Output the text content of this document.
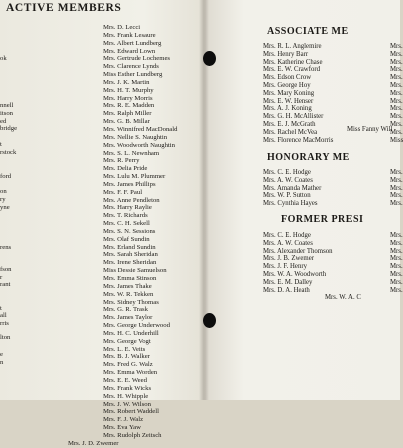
ACTIVE MEMBERS
ok
nnell
itson
ed
bridge
t
rstock
ford
on
ry
yne
rens
fson
r
rant
t
all
rris
lton
e
n
Mrs. D. Lecci
Mrs. Frank Lesaure
Mrs. Albert Lundberg
Mrs. Edward Lown
Mrs. Gertrude Lochemes
Mrs. Clarence Lynds
Miss Esther Lundberg
Mrs. J. K. Martin
Mrs. H. T. Murphy
Mrs. Harry Morris
Mrs. R. E. Madden
Mrs. Ralph Miller
Mrs. G. B. Millar
Mrs. Winnifred MacDonald
Mrs. Nellie S. Naughtin
Mrs. Woodworth Naughtin
Mrs. S. L. Newnham
Mrs. R. Perry
Mrs. Delia Pride
Mrs. Lulu M. Plummer
Mrs. James Phillips
Mrs. F. F. Paul
Mrs. Anne Pendleton
Mrs. Harry Raylie
Mrs. T. Richards
Mrs. C. H. Sekell
Mrs. S. N. Sessions
Mrs. Olaf Sundin
Mrs. Erland Sundin
Mrs. Sarah Sheridan
Mrs. Irene Sheridan
Miss Dessie Samuelson
Mrs. Emma Stinson
Mrs. James Thake
Mrs. W. R. Tekken
Mrs. Sidney Thomas
Mrs. G. R. Trask
Mrs. James Taylor
Mrs. George Underwood
Mrs. H. C. Underhill
Mrs. George Vogt
Mrs. L. E. Veits
Mrs. B. J. Walker
Mrs. Fred G. Walz
Mrs. Emma Worden
Mrs. E. E. Weed
Mrs. Frank Wicks
Mrs. H. Whipple
Mrs. J. W. Wilson
Mrs. Robert Waddell
Mrs. F. J. Walz
Mrs. Eva Yaw
Mrs. Rudolph Zeitsch
Mrs. J. D. Zwemer
ASSOCIATE ME
Mrs. R. L. Anglemire
Mrs. Henry Barr
Mrs. Katherine Chase
Mrs. E. W. Crawford
Mrs. Edson Crow
Mrs. George Hoy
Mrs. Mary Koning
Mrs. E. W. Henser
Mrs. A. J. Koning
Mrs. G. H. McAllister
Mrs. E. J. McGrath
Mrs. Rachel McVea
Mrs. Florence MacMorris
Mrs.
Mrs.
Mrs.
Mrs.
Mrs.
Mrs.
Mrs.
Mrs.
Mrs.
Mrs.
Mrs.
Mrs.
Miss
Miss Fanny Will
HONORARY ME
Mrs. C. E. Hodge
Mrs. A. W. Coates
Mrs. Amanda Mather
Mrs. W. P. Sutton
Mrs. Cynthia Hayes
Mrs.
Mrs.
Mrs.
Mrs.
Mrs.
FORMER PRESI
Mrs. C. E. Hodge
Mrs. A. W. Coates
Mrs. Alexander Thomson
Mrs. J. B. Zwemer
Mrs. J. F. Henry
Mrs. W. A. Woodworth
Mrs. E. M. Dalley
Mrs. D. A. Heath
Mrs.
Mrs.
Mrs.
Mrs.
Mrs.
Mrs.
Mrs.
Mrs.
Mrs. W. A. C
